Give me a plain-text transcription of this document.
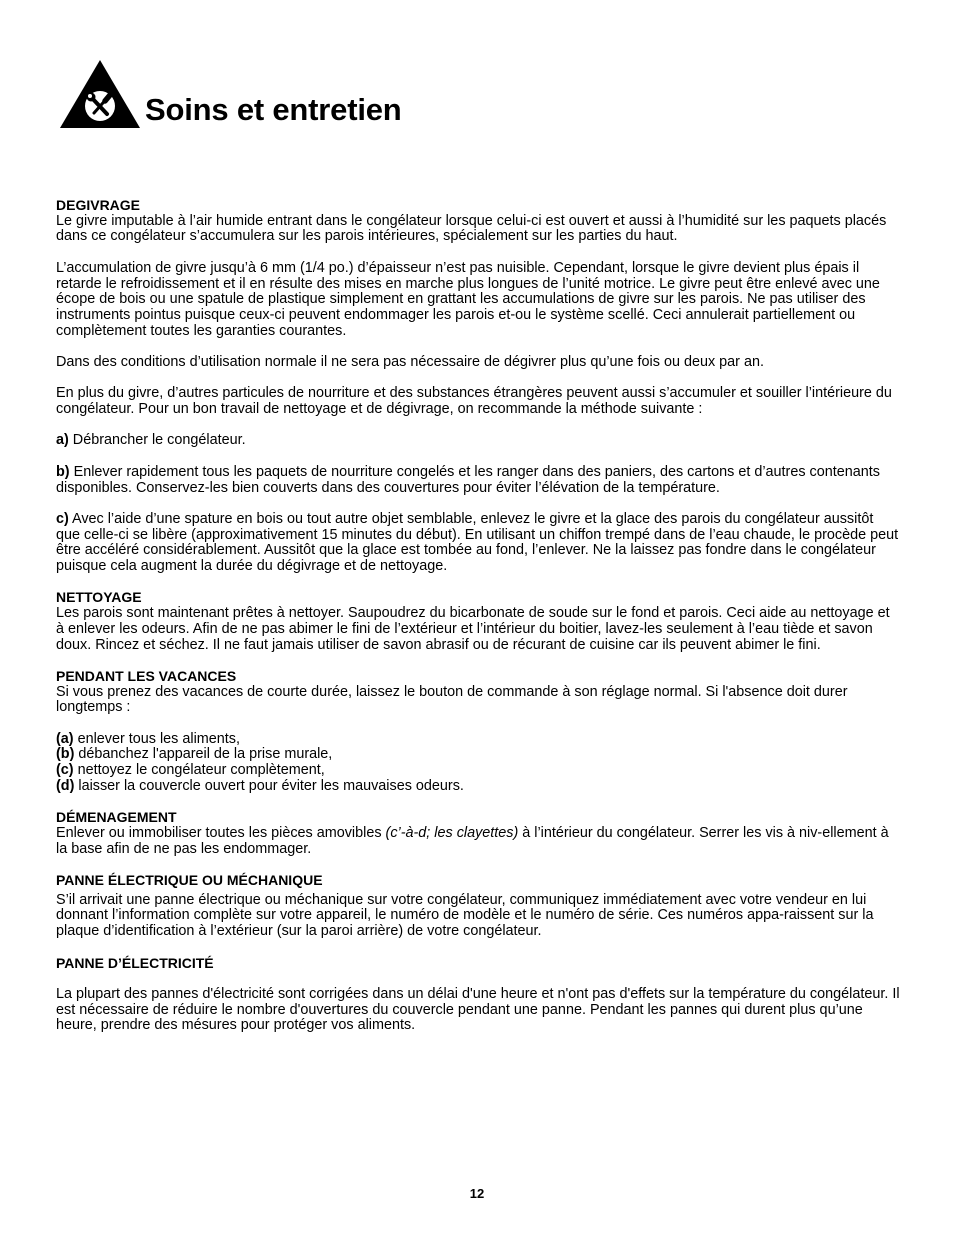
Soins et entretien

DEGIVRAGE

Le givre imputable à l’air humide entrant dans le congélateur lorsque celui-ci est ouvert et aussi à l’humidité sur les paquets placés dans ce congélateur s’accumulera sur les parois intérieures, spécialement sur les parties du haut.

L’accumulation de givre jusqu’à 6 mm (1/4 po.) d’épaisseur n’est pas nuisible. Cependant, lorsque le givre devient plus épais il retarde le refroidissement et il en résulte des mises en marche plus longues de l’unité motrice. Le givre peut être enlevé avec une écope de bois ou une spatule de plastique simplement en grattant les accumulations de givre sur les parois. Ne pas utiliser des instruments pointus puisque ceux-ci peuvent endommager les parois et-ou le système scellé. Ceci annulerait partiellement ou complètement toutes les garanties courantes.

Dans des conditions d’utilisation normale il ne sera pas nécessaire de dégivrer plus qu’une fois ou deux par an.

En plus du givre, d’autres particules de nourriture et des substances étrangères peuvent aussi s’accumuler et souiller l’intérieure du congélateur. Pour un bon travail de nettoyage et de dégivrage, on recommande la méthode suivante :

a) Débrancher le congélateur.

b) Enlever rapidement tous les paquets de nourriture congelés et les ranger dans des paniers, des cartons et d’autres contenants disponibles. Conservez-les bien couverts dans des couvertures pour éviter l’élévation de la température.

c) Avec l’aide d’une spature en bois ou tout autre objet semblable, enlevez le givre et la glace des parois du congélateur aussitôt que celle-ci se libère (approximativement 15 minutes du début). En utilisant un chiffon trempé dans de l’eau chaude, le procède peut être accéléré considérablement. Aussitôt que la glace est tombée au fond, l’enlever. Ne la laissez pas fondre dans le congélateur puisque cela augment la durée du dégivrage et de nettoyage.

NETTOYAGE

Les parois sont maintenant prêtes à nettoyer. Saupoudrez du bicarbonate de soude sur le fond et parois. Ceci aide au nettoyage et à enlever les odeurs. Afin de ne pas abimer le fini de l’extérieur et l’intérieur du boitier, lavez-les seulement à l’eau tiède et savon doux. Rincez et séchez. Il ne faut jamais utiliser de savon abrasif ou de récurant de cuisine car ils peuvent abimer le fini.

PENDANT LES VACANCES

Si vous prenez des vacances de courte durée, laissez le bouton de commande à son réglage normal. Si l'absence doit durer longtemps :

(a) enlever tous les aliments,

(b) débanchez l'appareil de la prise murale,

(c) nettoyez le congélateur complètement,

(d) laisser la couvercle ouvert pour éviter les mauvaises odeurs.

DÉMENAGEMENT

Enlever ou immobiliser toutes les pièces amovibles (c’-à-d; les clayettes) à l’intérieur du congélateur. Serrer les vis à niv-ellement à la base afin de ne pas les endommager.

PANNE ÉLECTRIQUE OU MÉCHANIQUE

S’il arrivait une panne électrique ou méchanique sur votre congélateur, communiquez immédiatement avec votre vendeur en lui donnant l’information complète sur votre appareil, le numéro de modèle et le numéro de série. Ces numéros appa-raissent sur la plaque d’identification à l’extérieur (sur la paroi arrière) de votre congélateur.

PANNE D’ÉLECTRICITÉ

La plupart des pannes d'électricité sont corrigées dans un délai d'une heure et n'ont pas d'effets sur la température du congélateur. Il est nécessaire de réduire le nombre d'ouvertures du couvercle pendant une panne. Pendant les pannes qui durent plus qu’une heure, prendre des mésures pour protéger vos aliments.

12
